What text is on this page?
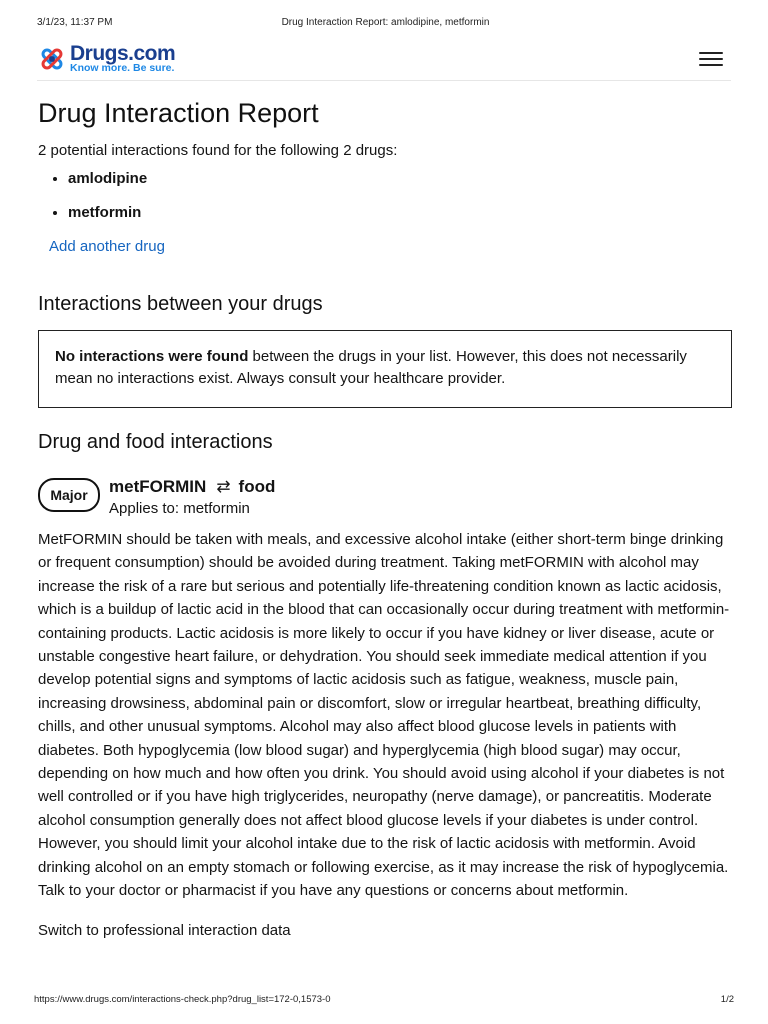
3/1/23, 11:37 PM	Drug Interaction Report: amlodipine, metformin
Drugs.com
Know more. Be sure.
Drug Interaction Report

2 potential interactions found for the following 2 drugs:

• amlodipine
• metformin
Add another drug
Interactions between your drugs
No interactions were found between the drugs in your list. However, this does not necessarily mean no interactions exist. Always consult your healthcare provider.
Drug and food interactions
Major	metFORMIN ⇄ food
Applies to: metformin

MetFORMIN should be taken with meals, and excessive alcohol intake (either short-term binge drinking or frequent consumption) should be avoided during treatment. Taking metFORMIN with alcohol may increase the risk of a rare but serious and potentially life-threatening condition known as lactic acidosis, which is a buildup of lactic acid in the blood that can occasionally occur during treatment with metformin-containing products. Lactic acidosis is more likely to occur if you have kidney or liver disease, acute or unstable congestive heart failure, or dehydration. You should seek immediate medical attention if you develop potential signs and symptoms of lactic acidosis such as fatigue, weakness, muscle pain, increasing drowsiness, abdominal pain or discomfort, slow or irregular heartbeat, breathing difficulty, chills, and other unusual symptoms. Alcohol may also affect blood glucose levels in patients with diabetes. Both hypoglycemia (low blood sugar) and hyperglycemia (high blood sugar) may occur, depending on how much and how often you drink. You should avoid using alcohol if your diabetes is not well controlled or if you have high triglycerides, neuropathy (nerve damage), or pancreatitis. Moderate alcohol consumption generally does not affect blood glucose levels if your diabetes is under control. However, you should limit your alcohol intake due to the risk of lactic acidosis with metformin. Avoid drinking alcohol on an empty stomach or following exercise, as it may increase the risk of hypoglycemia. Talk to your doctor or pharmacist if you have any questions or concerns about metformin.

Switch to professional interaction data
https://www.drugs.com/interactions-check.php?drug_list=172-0,1573-0	1/2
